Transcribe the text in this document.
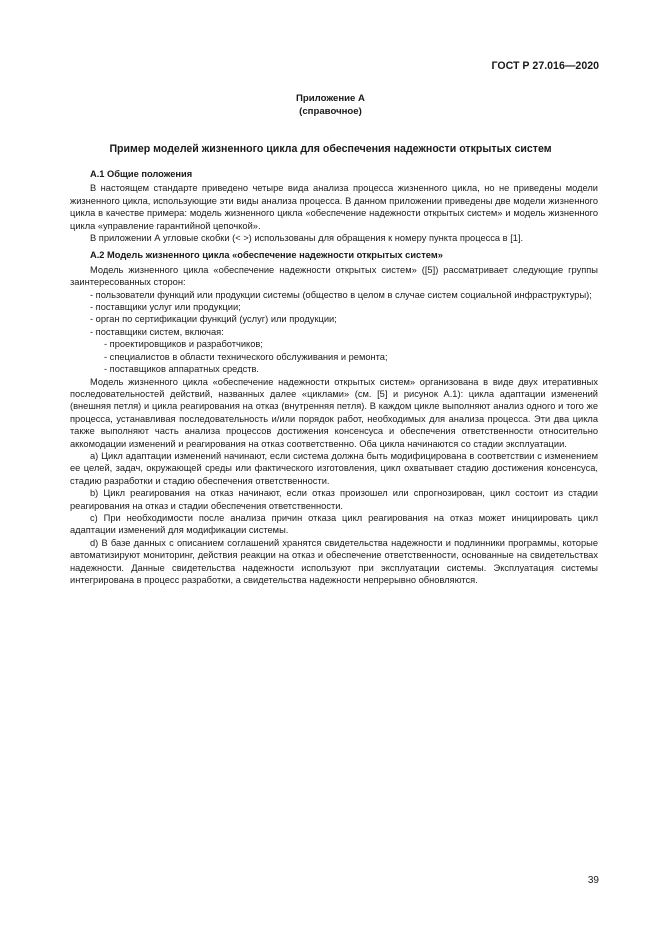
ГОСТ Р 27.016—2020
Приложение А
(справочное)
Пример моделей жизненного цикла для обеспечения надежности открытых систем
А.1 Общие положения

В настоящем стандарте приведено четыре вида анализа процесса жизненного цикла, но не приведены модели жизненного цикла, использующие эти виды анализа процесса. В данном приложении приведены две модели жизненного цикла в качестве примера: модель жизненного цикла «обеспечение надежности открытых систем» и модель жизненного цикла «управление гарантийной цепочкой».

В приложении А угловые скобки (< >) использованы для обращения к номеру пункта процесса в [1].

А.2 Модель жизненного цикла «обеспечение надежности открытых систем»

Модель жизненного цикла «обеспечение надежности открытых систем» ([5]) рассматривает следующие группы заинтересованных сторон:

- пользователи функций или продукции системы (общество в целом в случае систем социальной инфраструктуры);

- поставщики услуг или продукции;

- орган по сертификации функций (услуг) или продукции;

- поставщики систем, включая:

- проектировщиков и разработчиков;

- специалистов в области технического обслуживания и ремонта;

- поставщиков аппаратных средств.

Модель жизненного цикла «обеспечение надежности открытых систем» организована в виде двух итеративных последовательностей действий, названных далее «циклами» (см. [5] и рисунок А.1): цикла адаптации изменений (внешняя петля) и цикла реагирования на отказ (внутренняя петля). В каждом цикле выполняют анализ одного и того же процесса, устанавливая последовательность и/или порядок работ, необходимых для анализа процесса. Эти два цикла также выполняют часть анализа процессов достижения консенсуса и обеспечения ответственности относительно аккомодации изменений и реагирования на отказ соответственно. Оба цикла начинаются со стадии эксплуатации.

a) Цикл адаптации изменений начинают, если система должна быть модифицирована в соответствии с изменением ее целей, задач, окружающей среды или фактического изготовления, цикл охватывает стадию достижения консенсуса, стадию разработки и стадию обеспечения ответственности.

b) Цикл реагирования на отказ начинают, если отказ произошел или спрогнозирован, цикл состоит из стадии реагирования на отказ и стадии обеспечения ответственности.

c) При необходимости после анализа причин отказа цикл реагирования на отказ может инициировать цикл адаптации изменений для модификации системы.

d) В базе данных с описанием соглашений хранятся свидетельства надежности и подлинники программы, которые автоматизируют мониторинг, действия реакции на отказ и обеспечение ответственности, основанные на свидетельствах надежности. Данные свидетельства надежности используют при эксплуатации системы. Эксплуатация системы интегрирована в процесс разработки, а свидетельства надежности непрерывно обновляются.

39
